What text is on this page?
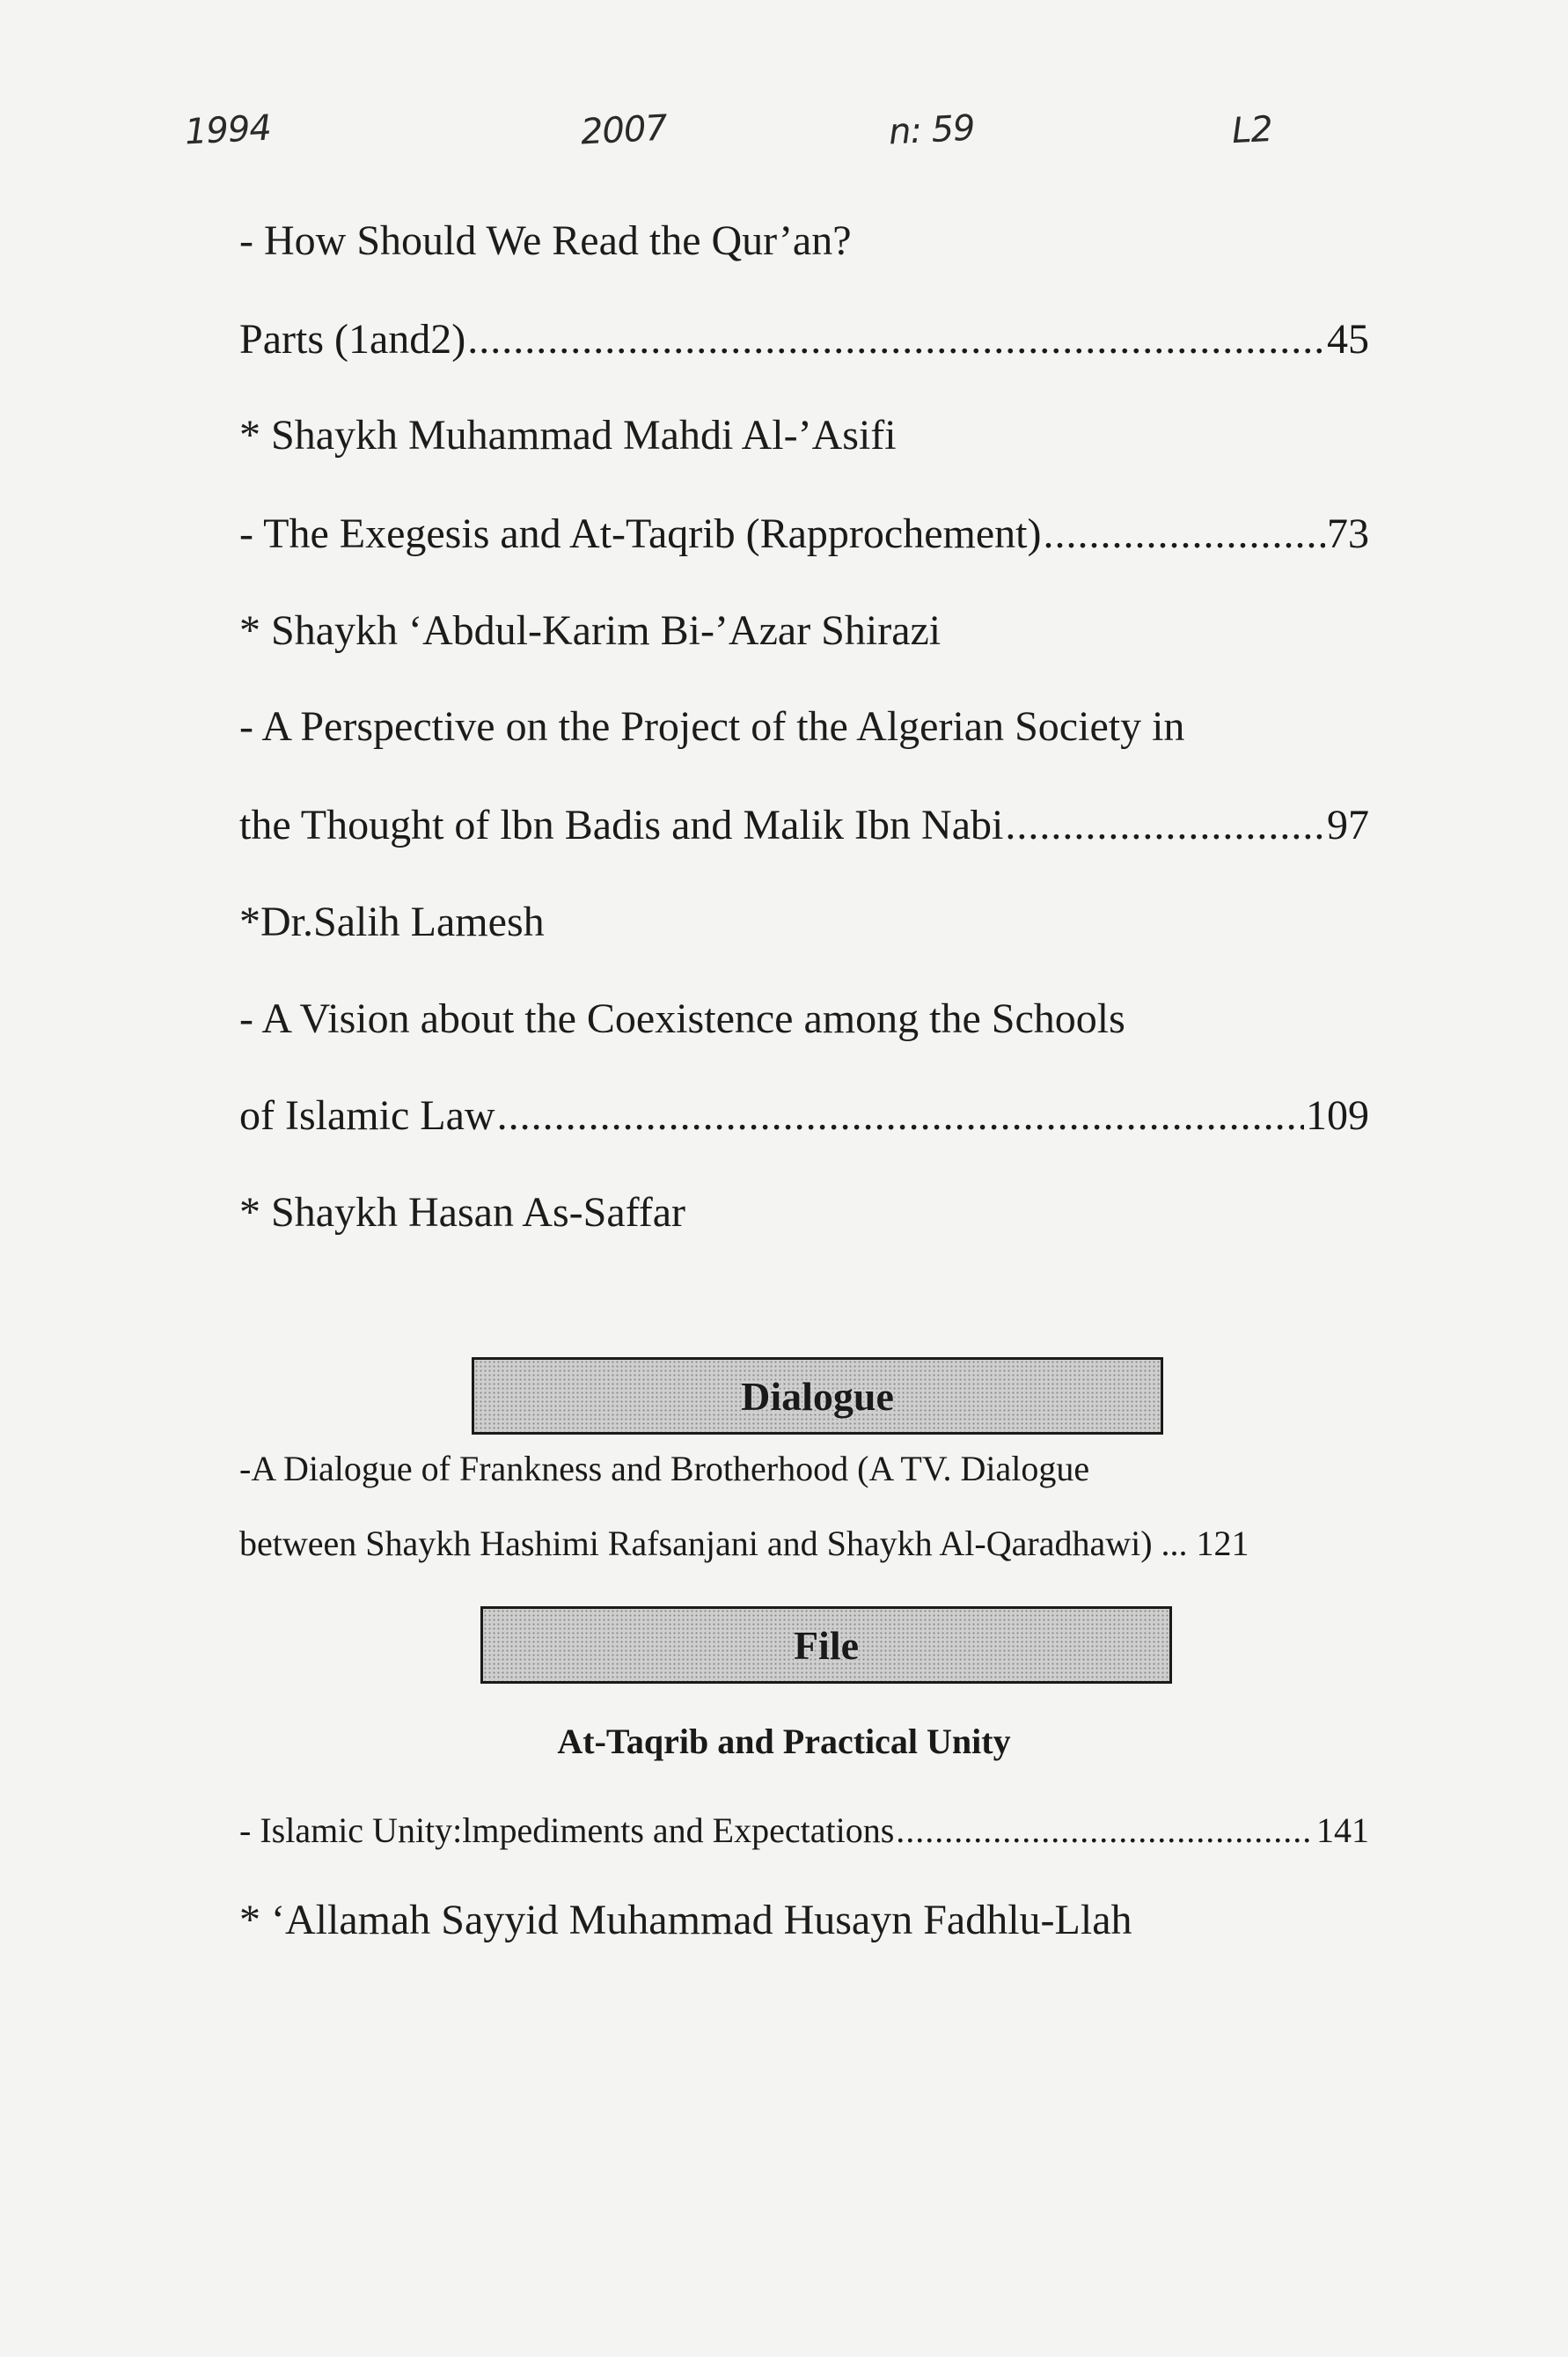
1994	2007	n: 59	L2
- How Should We Read the Qur’an?
Parts (1and2) .....	45
* Shaykh Muhammad Mahdi Al-’Asifi
- The Exegesis and At-Taqrib (Rapprochement) .....	73
* Shaykh ‘Abdul-Karim Bi-’Azar Shirazi
- A Perspective on the Project of the Algerian Society in
the Thought of lbn Badis and Malik Ibn Nabi .....	97
*Dr.Salih Lamesh
- A Vision about the Coexistence among the Schools
of Islamic Law .....	109
* Shaykh Hasan As-Saffar
Dialogue
-A Dialogue of Frankness and Brotherhood (A TV. Dialogue
between Shaykh Hashimi Rafsanjani and Shaykh Al-Qaradhawi) ... 121
File
At-Taqrib and Practical Unity
- Islamic Unity:lmpediments and Expectations .....	141
* ‘Allamah Sayyid Muhammad Husayn Fadhlu-Llah
